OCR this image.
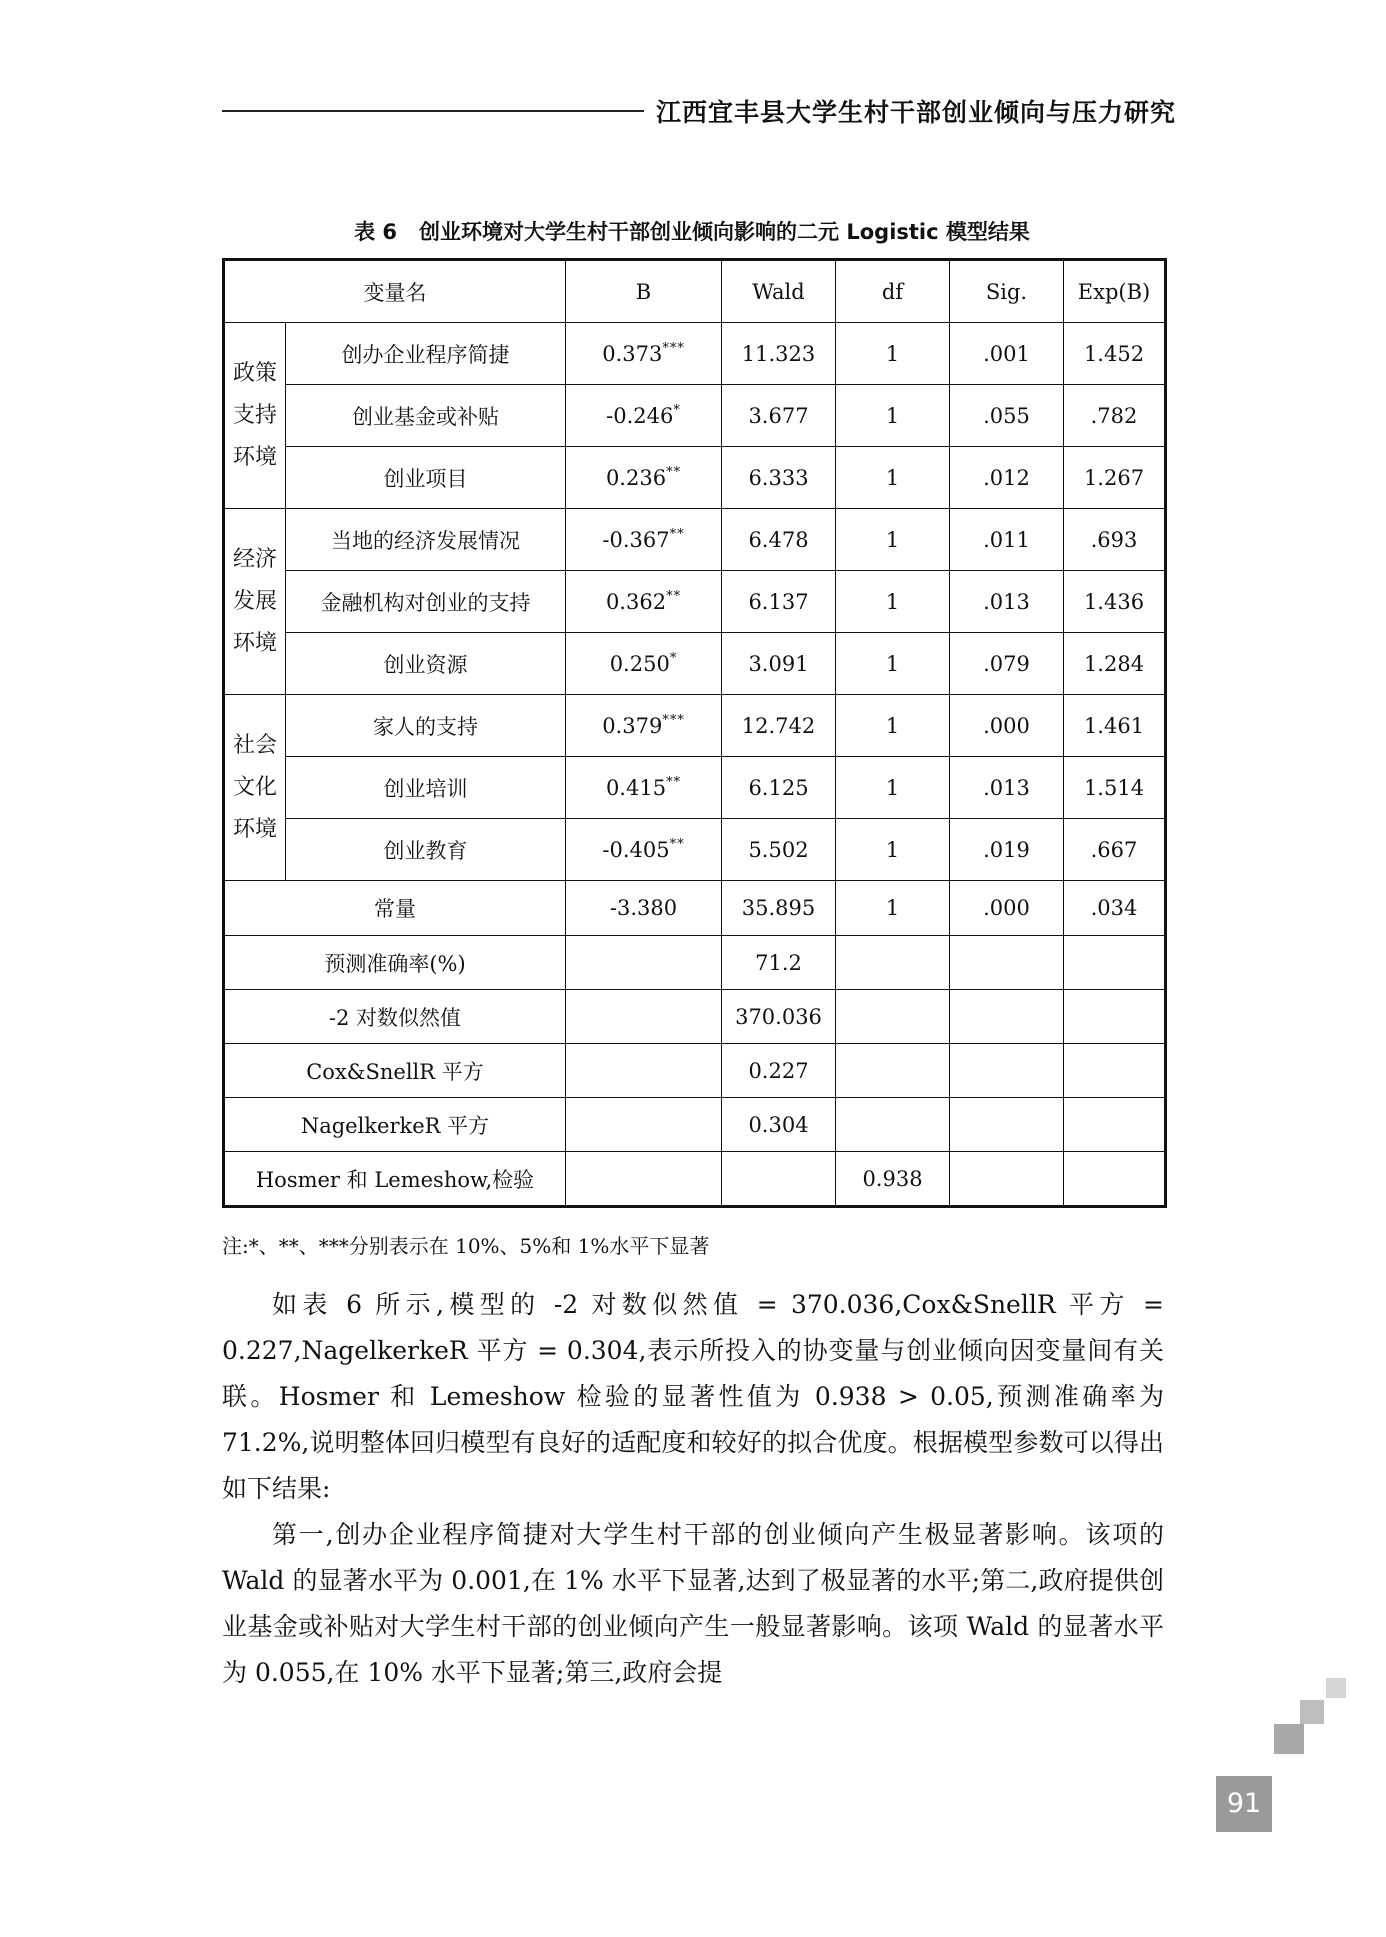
江西宜丰县大学生村干部创业倾向与压力研究
表 6 创业环境对大学生村干部创业倾向影响的二元 Logistic 模型结果
变量名		B	Wald	df	Sig.	Exp(B)

政策
支持
环境	创办企业程序简捷	0.373***	11.323	1	.001	1.452
	创业基金或补贴	-0.246*	3.677	1	.055	.782
	创业项目	0.236**	6.333	1	.012	1.267

经济
发展
环境	当地的经济发展情况	-0.367**	6.478	1	.011	.693
	金融机构对创业的支持	0.362**	6.137	1	.013	1.436
	创业资源	0.250*	3.091	1	.079	1.284

社会
文化
环境	家人的支持	0.379***	12.742	1	.000	1.461
	创业培训	0.415**	6.125	1	.013	1.514
	创业教育	-0.405**	5.502	1	.019	.667
常量		-3.380	35.895	1	.000	.034
预测准确率(%)			71.2			
-2 对数似然值			370.036			
Cox&SnellR 平方			0.227			
NagelkerkeR 平方			0.304			
Hosmer 和 Lemeshow,检验				0.938		
注:*、**、***分别表示在 10%、5%和 1%水平下显著

如表 6 所示,模型的 -2 对数似然值 = 370.036,Cox&SnellR 平方 = 0.227,NagelkerkeR 平方 = 0.304,表示所投入的协变量与创业倾向因变量间有关联。Hosmer 和 Lemeshow 检验的显著性值为 0.938 > 0.05,预测准确率为 71.2%,说明整体回归模型有良好的适配度和较好的拟合优度。根据模型参数可以得出如下结果:

第一,创办企业程序简捷对大学生村干部的创业倾向产生极显著影响。该项的 Wald 的显著水平为 0.001,在 1% 水平下显著,达到了极显著的水平;第二,政府提供创业基金或补贴对大学生村干部的创业倾向产生一般显著影响。该项 Wald 的显著水平为 0.055,在 10% 水平下显著;第三,政府会提

91
